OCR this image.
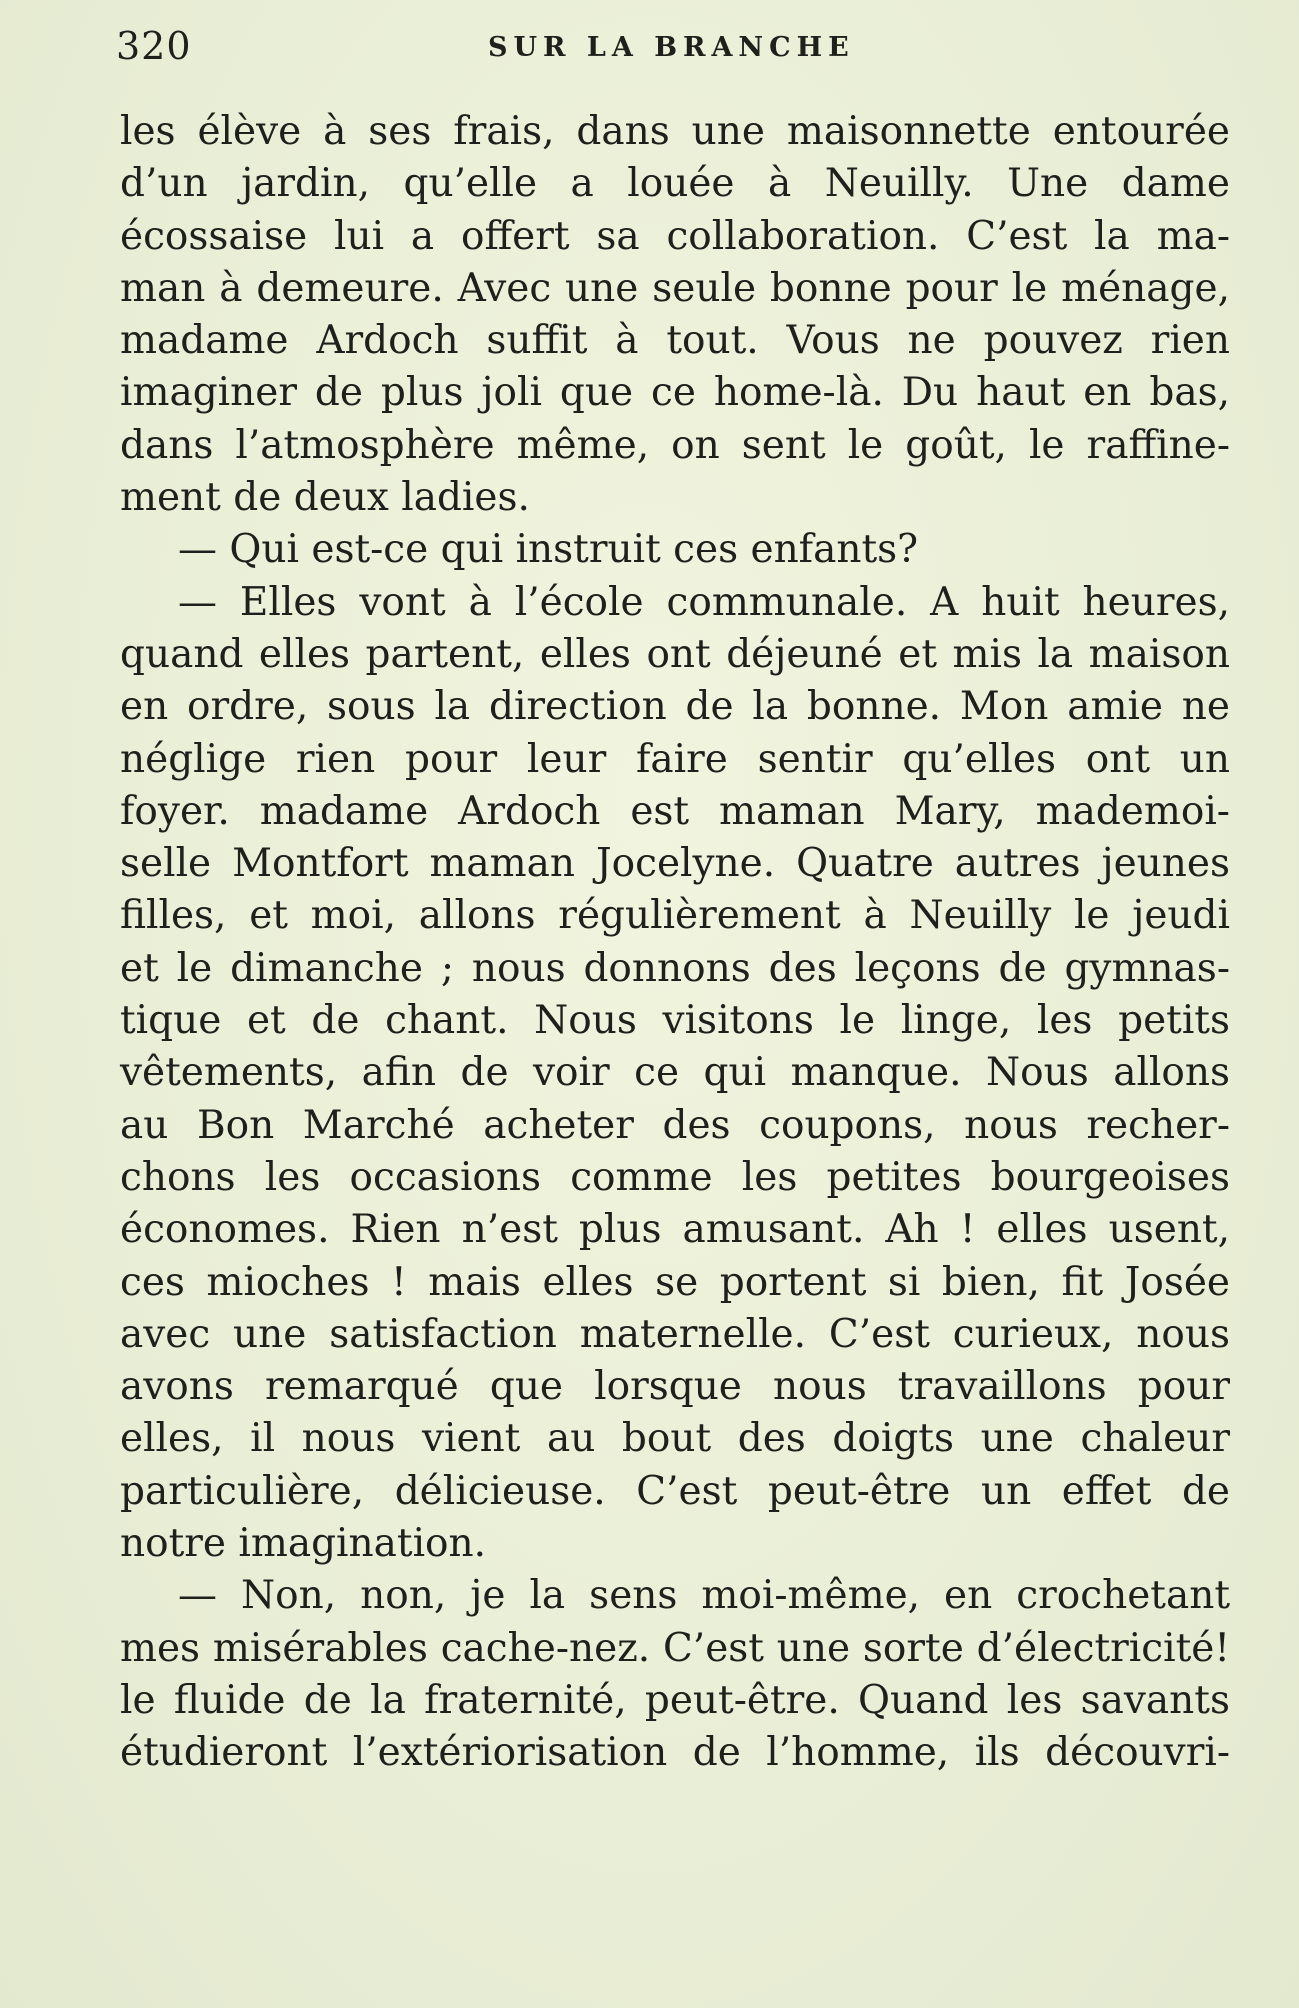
320	SUR LA BRANCHE
les élève à ses frais, dans une maisonnette entourée
d’un jardin, qu’elle a louée à Neuilly. Une dame
écossaise lui a offert sa collaboration. C’est la ma-
man à demeure. Avec une seule bonne pour le ménage,
madame Ardoch suffit à tout. Vous ne pouvez rien
imaginer de plus joli que ce home-là. Du haut en bas,
dans l’atmosphère même, on sent le goût, le raffine-
ment de deux ladies.
— Qui est-ce qui instruit ces enfants?
— Elles vont à l’école communale. A huit heures,
quand elles partent, elles ont déjeuné et mis la maison
en ordre, sous la direction de la bonne. Mon amie ne
néglige rien pour leur faire sentir qu’elles ont un
foyer. madame Ardoch est maman Mary, mademoi-
selle Montfort maman Jocelyne. Quatre autres jeunes
filles, et moi, allons régulièrement à Neuilly le jeudi
et le dimanche ; nous donnons des leçons de gymnas-
tique et de chant. Nous visitons le linge, les petits
vêtements, afin de voir ce qui manque. Nous allons
au Bon Marché acheter des coupons, nous recher-
chons les occasions comme les petites bourgeoises
économes. Rien n’est plus amusant. Ah ! elles usent,
ces mioches ! mais elles se portent si bien, fit Josée
avec une satisfaction maternelle. C’est curieux, nous
avons remarqué que lorsque nous travaillons pour
elles, il nous vient au bout des doigts une chaleur
particulière, délicieuse. C’est peut-être un effet de
notre imagination.
— Non, non, je la sens moi-même, en crochetant
mes misérables cache-nez. C’est une sorte d’électricité!
le fluide de la fraternité, peut-être. Quand les savants
étudieront l’extériorisation de l’homme, ils découvri-
